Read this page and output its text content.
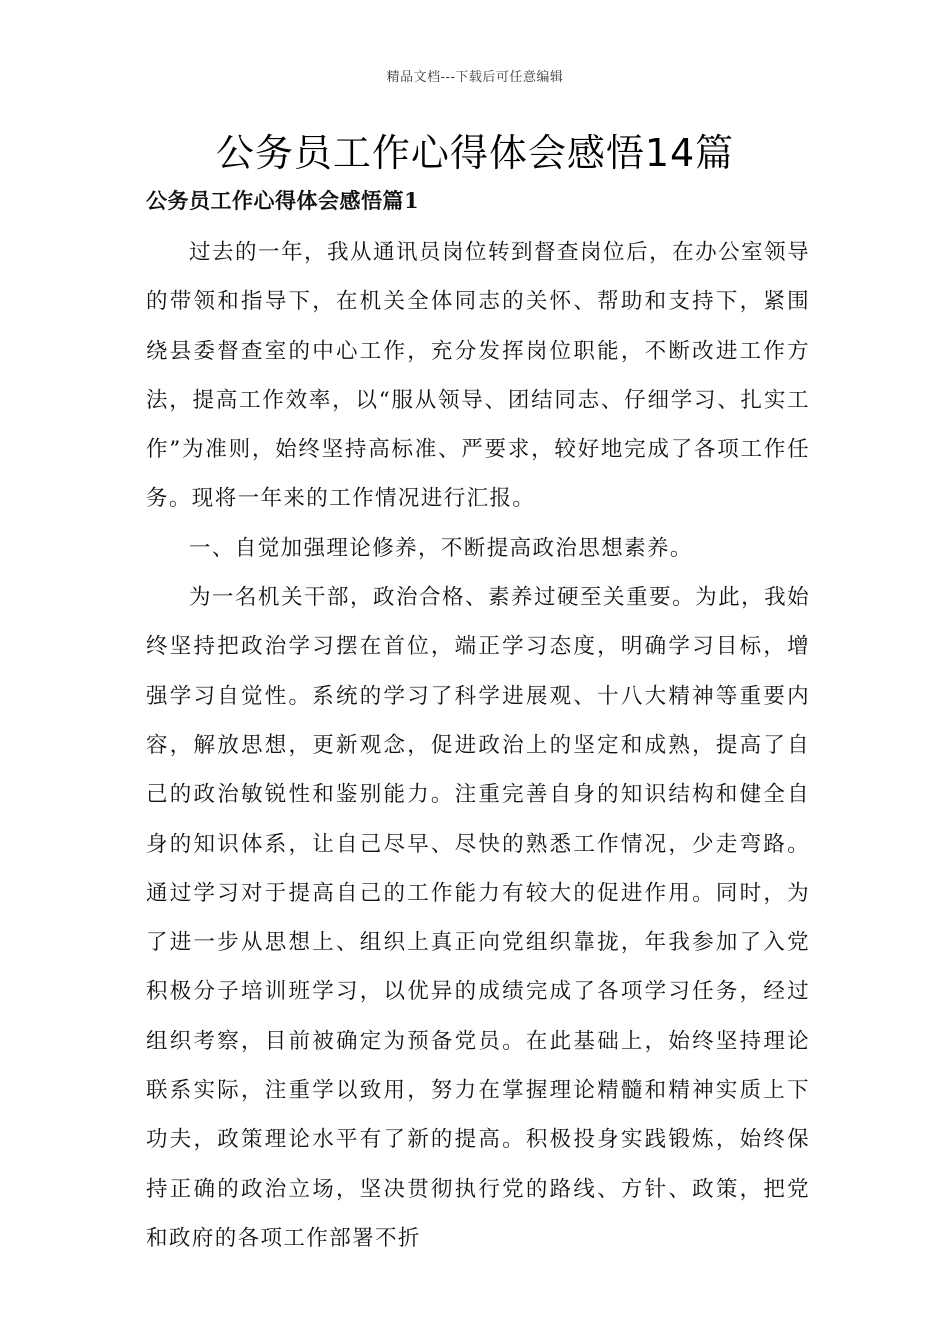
精品文档---下载后可任意编辑
公务员工作心得体会感悟14篇
公务员工作心得体会感悟篇1

过去的一年，我从通讯员岗位转到督查岗位后，在办公室领导的带领和指导下，在机关全体同志的关怀、帮助和支持下，紧围绕县委督查室的中心工作，充分发挥岗位职能，不断改进工作方法，提高工作效率，以“服从领导、团结同志、仔细学习、扎实工作”为准则，始终坚持高标准、严要求，较好地完成了各项工作任务。现将一年来的工作情况进行汇报。

一、自觉加强理论修养，不断提高政治思想素养。

为一名机关干部，政治合格、素养过硬至关重要。为此，我始终坚持把政治学习摆在首位，端正学习态度，明确学习目标，增强学习自觉性。系统的学习了科学进展观、十八大精神等重要内容，解放思想，更新观念，促进政治上的坚定和成熟，提高了自己的政治敏锐性和鉴别能力。注重完善自身的知识结构和健全自身的知识体系，让自己尽早、尽快的熟悉工作情况，少走弯路。通过学习对于提高自己的工作能力有较大的促进作用。同时，为了进一步从思想上、组织上真正向党组织靠拢，年我参加了入党积极分子培训班学习，以优异的成绩完成了各项学习任务，经过组织考察，目前被确定为预备党员。在此基础上，始终坚持理论联系实际，注重学以致用，努力在掌握理论精髓和精神实质上下功夫，政策理论水平有了新的提高。积极投身实践锻炼，始终保持正确的政治立场，坚决贯彻执行党的路线、方针、政策，把党和政府的各项工作部署不折
